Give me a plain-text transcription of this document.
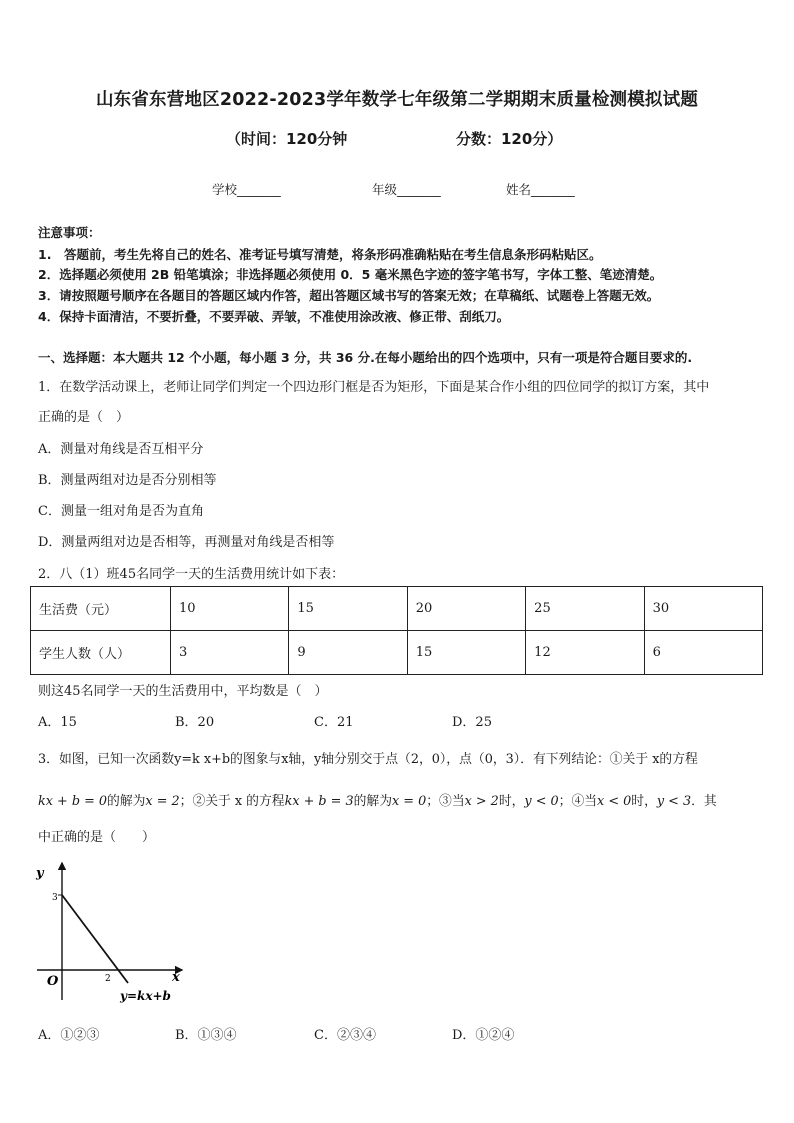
山东省东营地区2022-2023学年数学七年级第二学期期末质量检测模拟试题
（时间：120分钟	分数：120分）
学校_______	年级_______	姓名_______
注意事项：
1.　答题前，考生先将自己的姓名、准考证号填写清楚，将条形码准确粘贴在考生信息条形码粘贴区。
2．选择题必须使用 2B 铅笔填涂；非选择题必须使用 0．5 毫米黑色字迹的签字笔书写，字体工整、笔迹清楚。
3．请按照题号顺序在各题目的答题区域内作答，超出答题区域书写的答案无效；在草稿纸、试题卷上答题无效。
4．保持卡面清洁，不要折叠，不要弄破、弄皱，不准使用涂改液、修正带、刮纸刀。
一、选择题：本大题共 12 个小题，每小题 3 分，共 36 分.在每小题给出的四个选项中，只有一项是符合题目要求的.
1．在数学活动课上，老师让同学们判定一个四边形门框是否为矩形，下面是某合作小组的四位同学的拟订方案，其中
正确的是（　）
A．测量对角线是否互相平分
B．测量两组对边是否分别相等
C．测量一组对角是否为直角
D．测量两组对边是否相等，再测量对角线是否相等
2．八（1）班45名同学一天的生活费用统计如下表：
生活费（元）	10	15	20	25	30
学生人数（人）	3	9	15	12	6
则这45名同学一天的生活费用中，平均数是（　）
A．15	B．20	C．21	D．25
3．如图，已知一次函数y=k x+b的图象与x轴，y轴分别交于点（2，0），点（0，3）．有下列结论：①关于 x的方程
kx + b = 0的解为x = 2；②关于 x 的方程kx + b = 3的解为x = 0；③当x > 2时，y < 0；④当x < 0时，y < 3．其
中正确的是（　　）
y
x
O
3
2
y=kx+b
A．①②③	B．①③④	C．②③④	D．①②④
